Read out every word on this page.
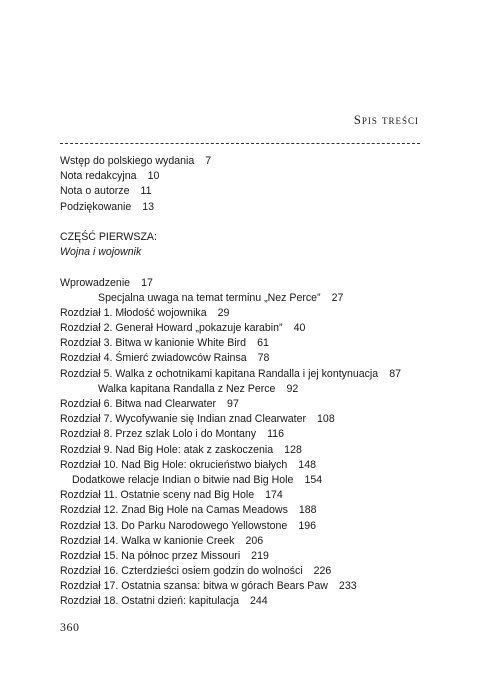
Spis treści
Wstęp do polskiego wydania 7
Nota redakcyjna 10
Nota o autorze 11
Podziękowanie 13
CZĘŚĆ PIERWSZA:
Wojna i wojownik
Wprowadzenie 17
Specjalna uwaga na temat terminu „Nez Perce” 27
Rozdział 1. Młodość wojownika 29
Rozdział 2. Generał Howard „pokazuje karabin” 40
Rozdział 3. Bitwa w kanionie White Bird 61
Rozdział 4. Śmierć zwiadowców Rainsa 78
Rozdział 5. Walka z ochotnikami kapitana Randalla i jej kontynuacja 87
Walka kapitana Randalla z Nez Perce 92
Rozdział 6. Bitwa nad Clearwater 97
Rozdział 7. Wycofywanie się Indian znad Clearwater 108
Rozdział 8. Przez szlak Lolo i do Montany 116
Rozdział 9. Nad Big Hole: atak z zaskoczenia 128
Rozdział 10. Nad Big Hole: okrucieństwo białych 148
Dodatkowe relacje Indian o bitwie nad Big Hole 154
Rozdział 11. Ostatnie sceny nad Big Hole 174
Rozdział 12. Znad Big Hole na Camas Meadows 188
Rozdział 13. Do Parku Narodowego Yellowstone 196
Rozdział 14. Walka w kanionie Creek 206
Rozdział 15. Na północ przez Missouri 219
Rozdział 16. Czterdzieści osiem godzin do wolności 226
Rozdział 17. Ostatnia szansa: bitwa w górach Bears Paw 233
Rozdział 18. Ostatni dzień: kapitulacja 244
360
